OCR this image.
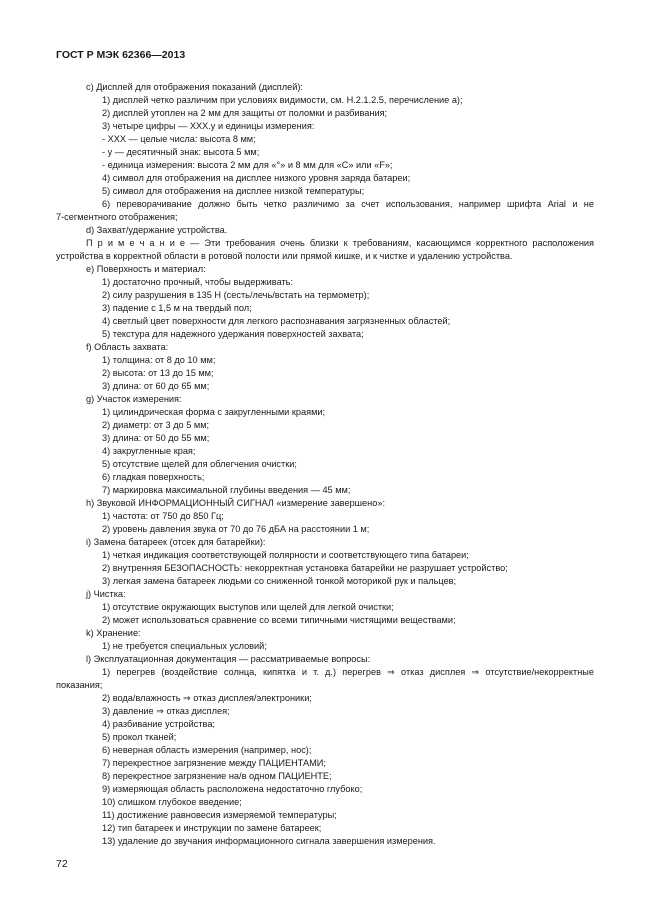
ГОСТ Р МЭК 62366—2013
c) Дисплей для отображения показаний (дисплей):
1) дисплей четко различим при условиях видимости, см. H.2.1.2.5, перечисление a);
2) дисплей утоплен на 2 мм для защиты от поломки и разбивания;
3) четыре цифры — XXX.y и единицы измерения:
- XXX — целые числа: высота 8 мм;
- у — десятичный знак: высота 5 мм;
- единица измерения: высота 2 мм для «°» и 8 мм для «С» или «F»;
4) символ для отображения на дисплее низкого уровня заряда батареи;
5) символ для отображения на дисплее низкой температуры;
6) переворачивание должно быть четко различимо за счет использования, например шрифта Arial и не
7-сегментного отображения;
d) Захват/удержание устройства.
П р и м е ч а н и е — Эти требования очень близки к требованиям, касающимся корректного расположения
устройства в корректной области в ротовой полости или прямой кишке, и к чистке и удалению устройства.
e) Поверхность и материал:
1) достаточно прочный, чтобы выдерживать:
2) силу разрушения в 135 Н (сесть/лечь/встать на термометр);
3) падение с 1,5 м на твердый пол;
4) светлый цвет поверхности для легкого распознавания загрязненных областей;
5) текстура для надежного удержания поверхностей захвата;
f) Область захвата:
1) толщина: от 8 до 10 мм;
2) высота: от 13 до 15 мм;
3) длина: от 60 до 65 мм;
g) Участок измерения:
1) цилиндрическая форма с закругленными краями;
2) диаметр: от 3 до 5 мм;
3) длина: от 50 до 55 мм;
4) закругленные края;
5) отсутствие щелей для облегчения очистки;
6) гладкая поверхность;
7) маркировка максимальной глубины введения — 45 мм;
h) Звуковой ИНФОРМАЦИОННЫЙ СИГНАЛ «измерение завершено»:
1) частота: от 750 до 850 Гц;
2) уровень давления звука от 70 до 76 дБА на расстоянии 1 м;
i) Замена батареек (отсек для батарейки):
1) четкая индикация соответствующей полярности и соответствующего типа батареи;
2) внутренняя БЕЗОПАСНОСТЬ: некорректная установка батарейки не разрушает устройство;
3) легкая замена батареек людьми со сниженной тонкой моторикой рук и пальцев;
j) Чистка:
1) отсутствие окружающих выступов или щелей для легкой очистки;
2) может использоваться сравнение со всеми типичными чистящими веществами;
k) Хранение:
1) не требуется специальных условий;
l) Эксплуатационная документация — рассматриваемые вопросы:
1) перегрев (воздействие солнца, кипятка и т. д.) перегрев ⇒ отказ дисплея ⇒ отсутствие/некорректные
показания;
2) вода/влажность ⇒ отказ дисплея/электроники;
3) давление ⇒ отказ дисплея;
4) разбивание устройства;
5) прокол тканей;
6) неверная область измерения (например, нос);
7) перекрестное загрязнение между ПАЦИЕНТАМИ;
8) перекрестное загрязнение на/в одном ПАЦИЕНТЕ;
9) измеряющая область расположена недостаточно глубоко;
10) слишком глубокое введение;
11) достижение равновесия измеряемой температуры;
12) тип батареек и инструкции по замене батареек;
13) удаление до звучания информационного сигнала завершения измерения.
72
